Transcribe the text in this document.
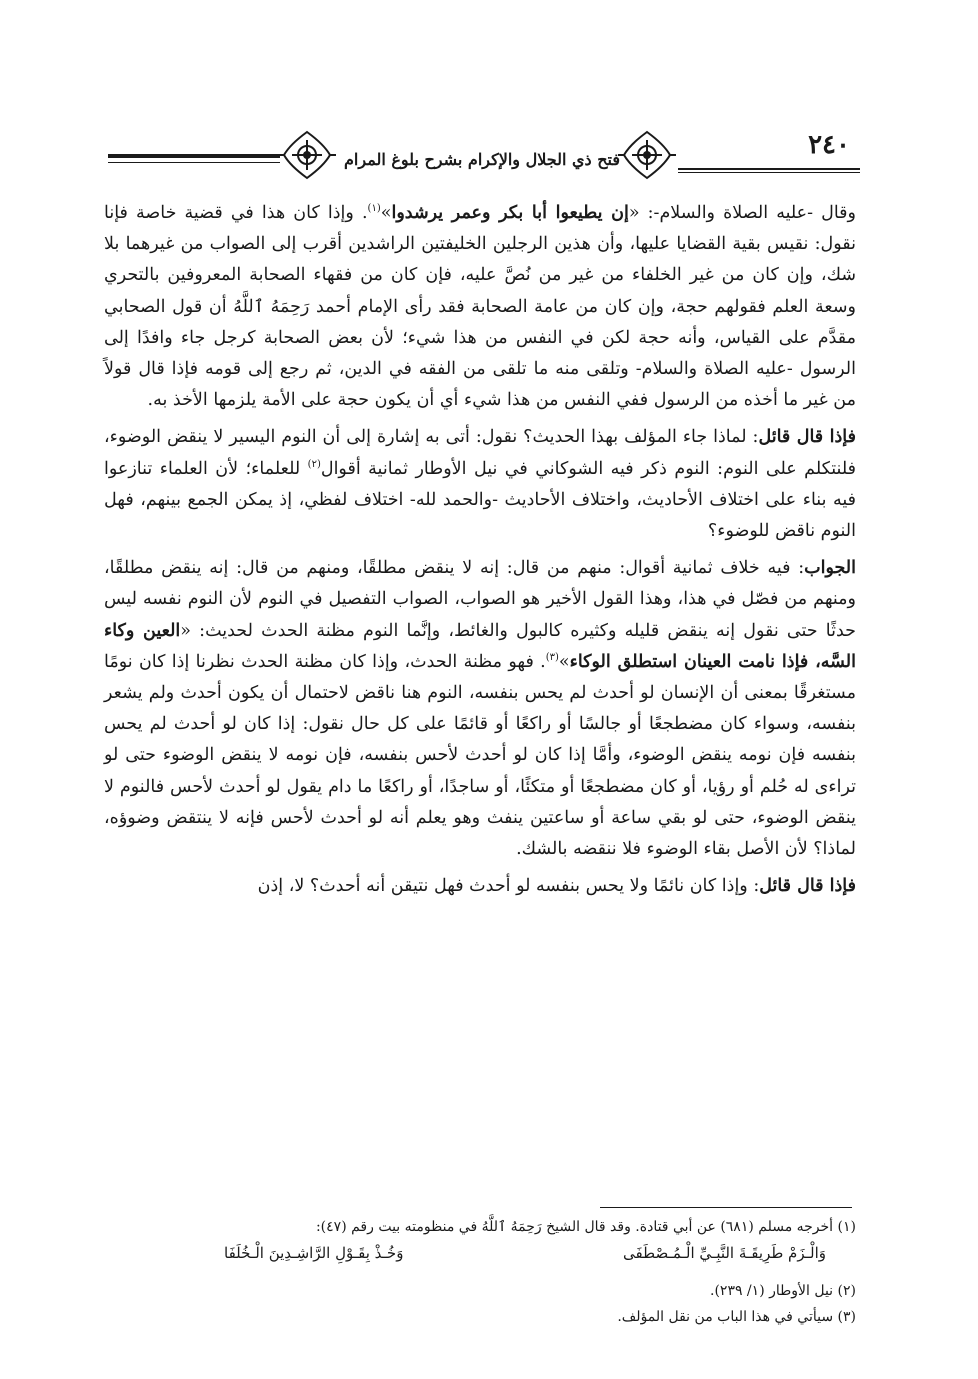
٢٤٠
فتح ذي الجلال والإكرام بشرح بلوغ المرام

وقال -عليه الصلاة والسلام-: «إن يطيعوا أبا بكر وعمر يرشدوا»$^{(١)}$. وإذا كان هذا في قضية خاصة فإنا نقول: نقيس بقية القضايا عليها، وأن هذين الرجلين الخليفتين الراشدين أقرب إلى الصواب من غيرهما بلا شك، وإن كان من غير الخلفاء من غير من نُصَّ عليه، فإن كان من فقهاء الصحابة المعروفين بالتحري وسعة العلم فقولهم حجة، وإن كان من عامة الصحابة فقد رأى الإمام أحمد رَحِمَهُ ٱللَّهُ أن قول الصحابي مقدَّم على القياس، وأنه حجة لكن في النفس من هذا شيء؛ لأن بعض الصحابة كرجل جاء وافدًا إلى الرسول -عليه الصلاة والسلام- وتلقى منه ما تلقى من الفقه في الدين، ثم رجع إلى قومه فإذا قال قولاً من غير ما أخذه من الرسول ففي النفس من هذا شيء أي أن يكون حجة على الأمة يلزمها الأخذ به.

فإذا قال قائل: لماذا جاء المؤلف بهذا الحديث؟ نقول: أتى به إشارة إلى أن النوم اليسير لا ينقض الوضوء، فلنتكلم على النوم: النوم ذكر فيه الشوكاني في نيل الأوطار ثمانية أقوال$^{(٢)}$ للعلماء؛ لأن العلماء تنازعوا فيه بناء على اختلاف الأحاديث، واختلاف الأحاديث -والحمد لله- اختلاف لفظي، إذ يمكن الجمع بينهم، فهل النوم ناقض للوضوء؟

الجواب: فيه خلاف ثمانية أقوال: منهم من قال: إنه لا ينقض مطلقًا، ومنهم من قال: إنه ينقض مطلقًا، ومنهم من فصّل في هذا، وهذا القول الأخير هو الصواب، الصواب التفصيل في النوم لأن النوم نفسه ليس حدثًا حتى نقول إنه ينقض قليله وكثيره كالبول والغائط، وإنَّما النوم مظنة الحدث لحديث: «العين وكاء السَّه، فإذا نامت العينان استطلق الوكاء»$^{(٣)}$. فهو مظنة الحدث، وإذا كان مظنة الحدث نظرنا إذا كان نومًا مستغرقًا بمعنى أن الإنسان لو أحدث لم يحس بنفسه، النوم هنا ناقض لاحتمال أن يكون أحدث ولم يشعر بنفسه، وسواء كان مضطجعًا أو جالسًا أو راكعًا أو قائمًا على كل حال نقول: إذا كان لو أحدث لم يحس بنفسه فإن نومه ينقض الوضوء، وأمَّا إذا كان لو أحدث لأحس بنفسه، فإن نومه لا ينقض الوضوء حتى لو تراءى له حُلم أو رؤيا، أو كان مضطجعًا أو متكئًا، أو ساجدًا، أو راكعًا ما دام يقول لو أحدث لأحس فالنوم لا ينقض الوضوء، حتى لو بقي ساعة أو ساعتين ينفث وهو يعلم أنه لو أحدث لأحس فإنه لا ينتقض وضوؤه، لماذا؟ لأن الأصل بقاء الوضوء فلا ننقضه بالشك.

فإذا قال قائل: وإذا كان نائمًا ولا يحس بنفسه لو أحدث فهل نتيقن أنه أحدث؟ لا، إذن

(١) أخرجه مسلم (٦٨١) عن أبي قتادة. وقد قال الشيخ رَحِمَهُ ٱللَّهُ في منظومته بيت رقم (٤٧):

وَالْـزَمْ طَرِيقَـةَ النَّبِـيِّ الْـمُـصْطَفَى
وَخُـذْ بِقَـوْلِ الرَّاشِـدِينَ الْـخُلَفَا

(٢) نيل الأوطار (١/ ٢٣٩).

(٣) سيأتي في هذا الباب من نقل المؤلف.
